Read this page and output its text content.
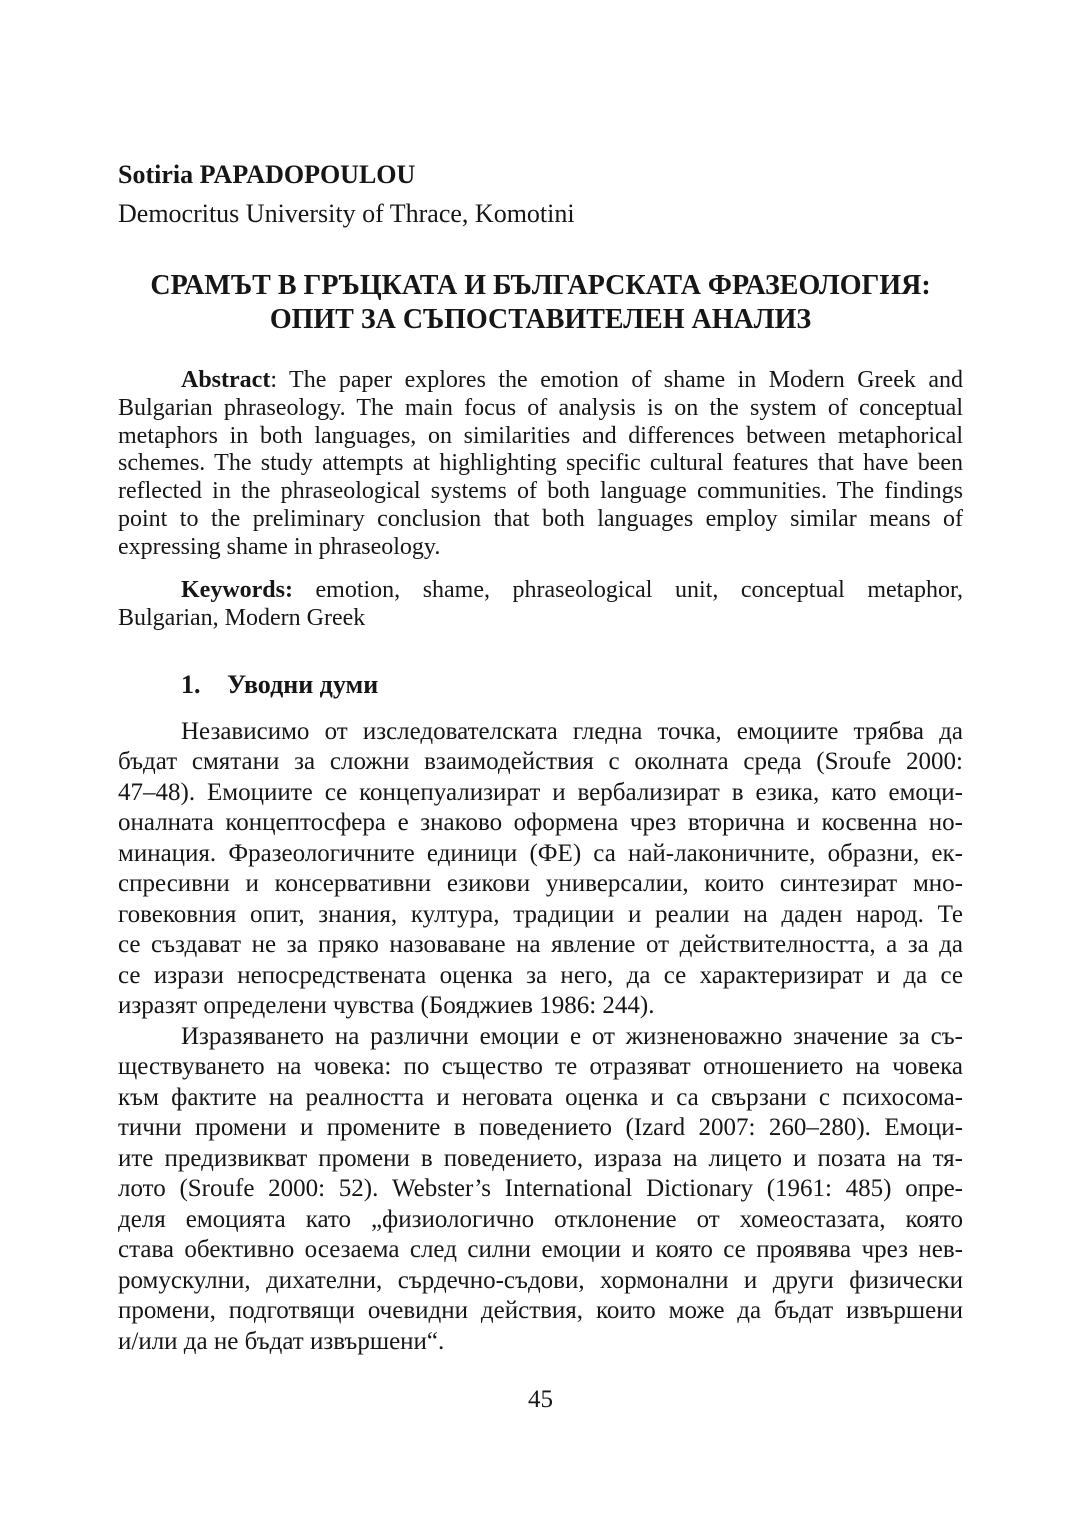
Sotiria PAPADOPOULOU
Democritus University of Thrace, Komotini
СРАМЪТ В ГРЪЦКАТА И БЪЛГАРСКАТА ФРАЗЕОЛОГИЯ:
ОПИТ ЗА СЪПОСТАВИТЕЛЕН АНАЛИЗ
Abstract: The paper explores the emotion of shame in Modern Greek and
Bulgarian phraseology. The main focus of analysis is on the system of conceptual
metaphors in both languages, on similarities and differences between metaphorical
schemes. The study attempts at highlighting specific cultural features that have been
reflected in the phraseological systems of both language communities. The findings
point to the preliminary conclusion that both languages employ similar means of
expressing shame in phraseology.
Keywords: emotion, shame, phraseological unit, conceptual metaphor,
Bulgarian, Modern Greek
1. Уводни думи
Независимо от изследователската гледна точка, емоциите трябва да
бъдат смятани за сложни взаимодействия с околната среда (Sroufe 2000:
47–48). Емоциите се концепуализират и вербализират в езика, като емоци-
оналната концептосфера е знаково оформена чрез вторична и косвенна но-
минация. Фразеологичните единици (ФЕ) са най-лаконичните, образни, ек-
спресивни и консервативни езикови универсалии, които синтезират мно-
говековния опит, знания, култура, традиции и реалии на даден народ. Те
се създават не за пряко назоваване на явление от действителността, а за да
се изрази непосредствената оценка за него, да се характеризират и да се
изразят определени чувства (Бояджиев 1986: 244).
Изразяването на различни емоции е от жизненоважно значение за съ-
ществуването на човека: по същество те отразяват отношението на човека
към фактите на реалността и неговата оценка и са свързани с психосома-
тични промени и промените в поведението (Izard 2007: 260–280). Емоци-
ите предизвикват промени в поведението, израза на лицето и позата на тя-
лото (Sroufe 2000: 52). Webster’s International Dictionary (1961: 485) опре-
деля емоцията като „физиологично отклонение от хомеостазата, която
става обективно осезаема след силни емоции и която се проявява чрез нев-
ромускулни, дихателни, сърдечно-съдови, хормонални и други физически
промени, подготвящи очевидни действия, които може да бъдат извършени
и/или да не бъдат извършени“.
45
